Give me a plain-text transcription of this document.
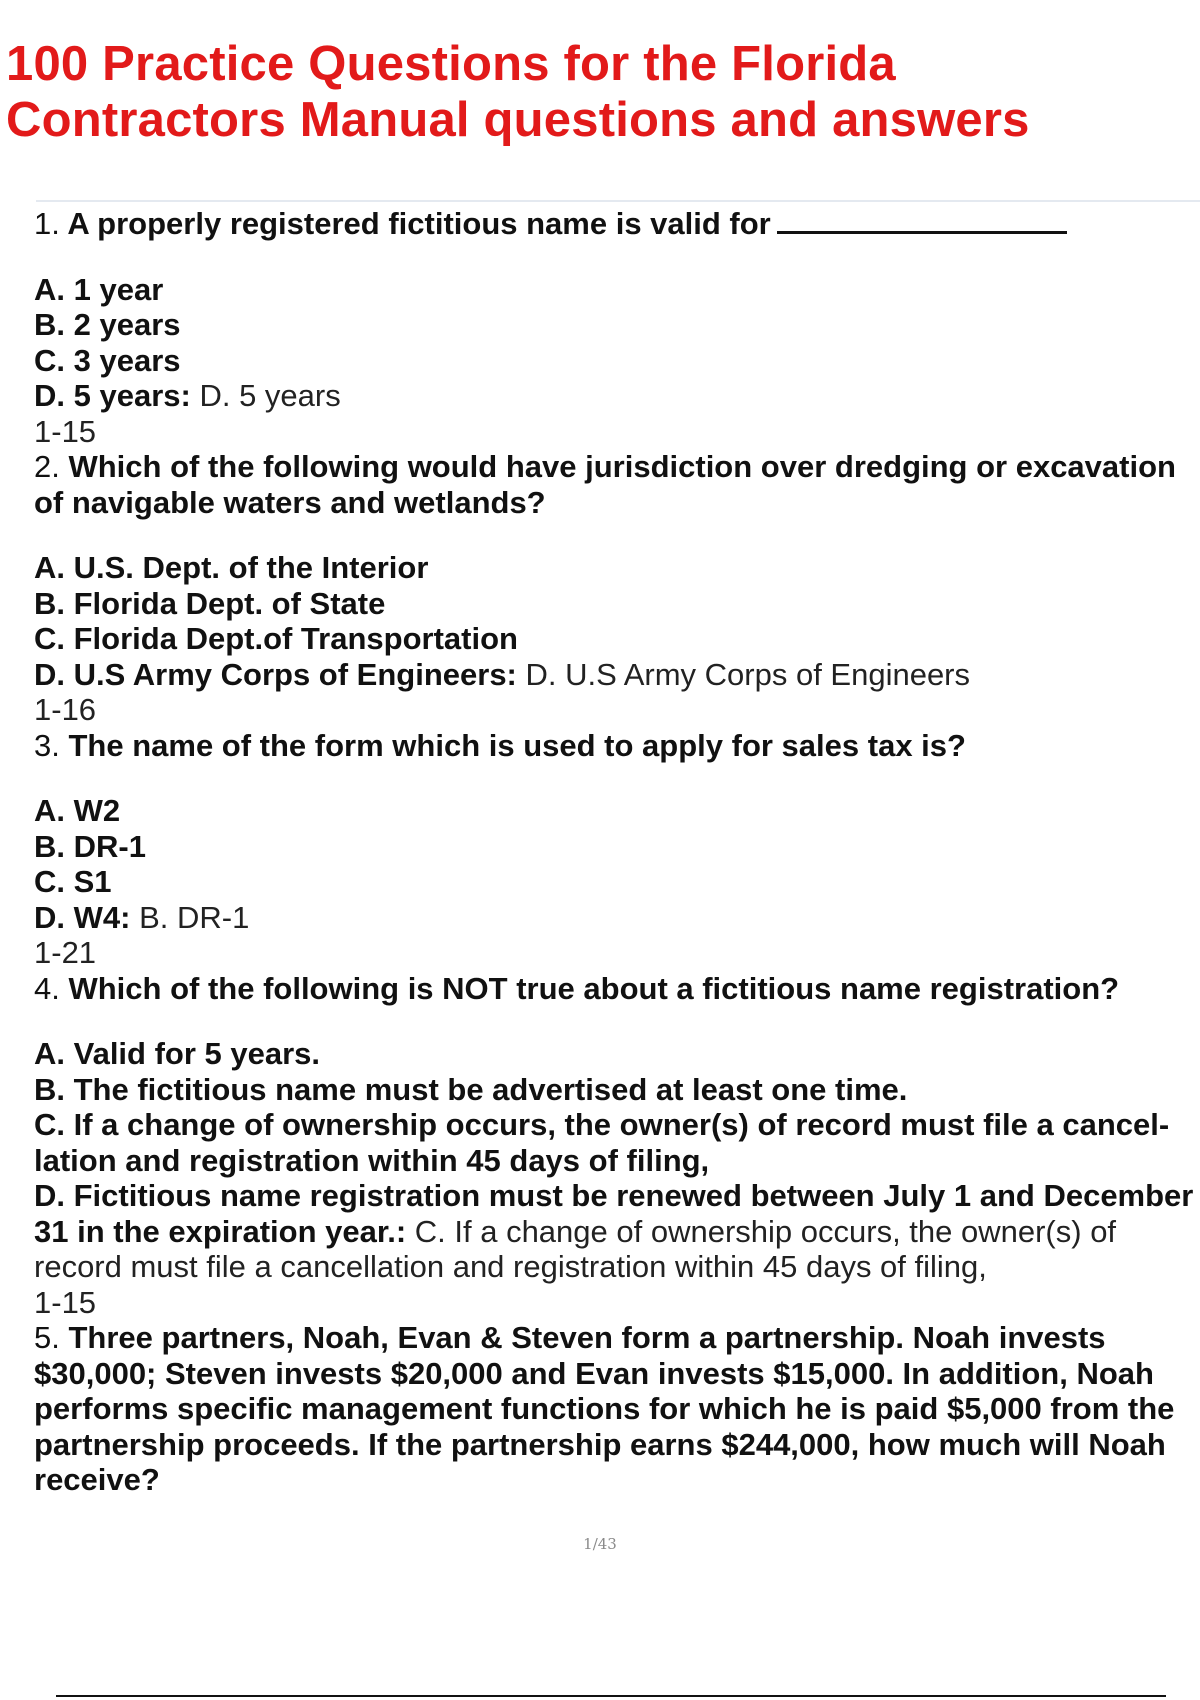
100 Practice Questions for the Florida Contractors Manual questions and answers
1. A properly registered fictitious name is valid for
A. 1 year
B. 2 years
C. 3 years
D. 5 years: D. 5 years
1-15
2. Which of the following would have jurisdiction over dredging or excavation of navigable waters and wetlands?
A. U.S. Dept. of the Interior
B. Florida Dept. of State
C. Florida Dept.of Transportation
D. U.S Army Corps of Engineers: D. U.S Army Corps of Engineers
1-16
3. The name of the form which is used to apply for sales tax is?
A. W2
B. DR-1
C. S1
D. W4: B. DR-1
1-21
4. Which of the following is NOT true about a fictitious name registration?
A. Valid for 5 years.
B. The fictitious name must be advertised at least one time.
C. If a change of ownership occurs, the owner(s) of record must file a cancel-lation and registration within 45 days of filing,
D. Fictitious name registration must be renewed between July 1 and December 31 in the expiration year.: C. If a change of ownership occurs, the owner(s) of record must file a cancellation and registration within 45 days of filing,
1-15
5. Three partners, Noah, Evan & Steven form a partnership. Noah invests $30,000; Steven invests $20,000 and Evan invests $15,000. In addition, Noah performs specific management functions for which he is paid $5,000 from the partnership proceeds. If the partnership earns $244,000, how much will Noah receive?
1/43
